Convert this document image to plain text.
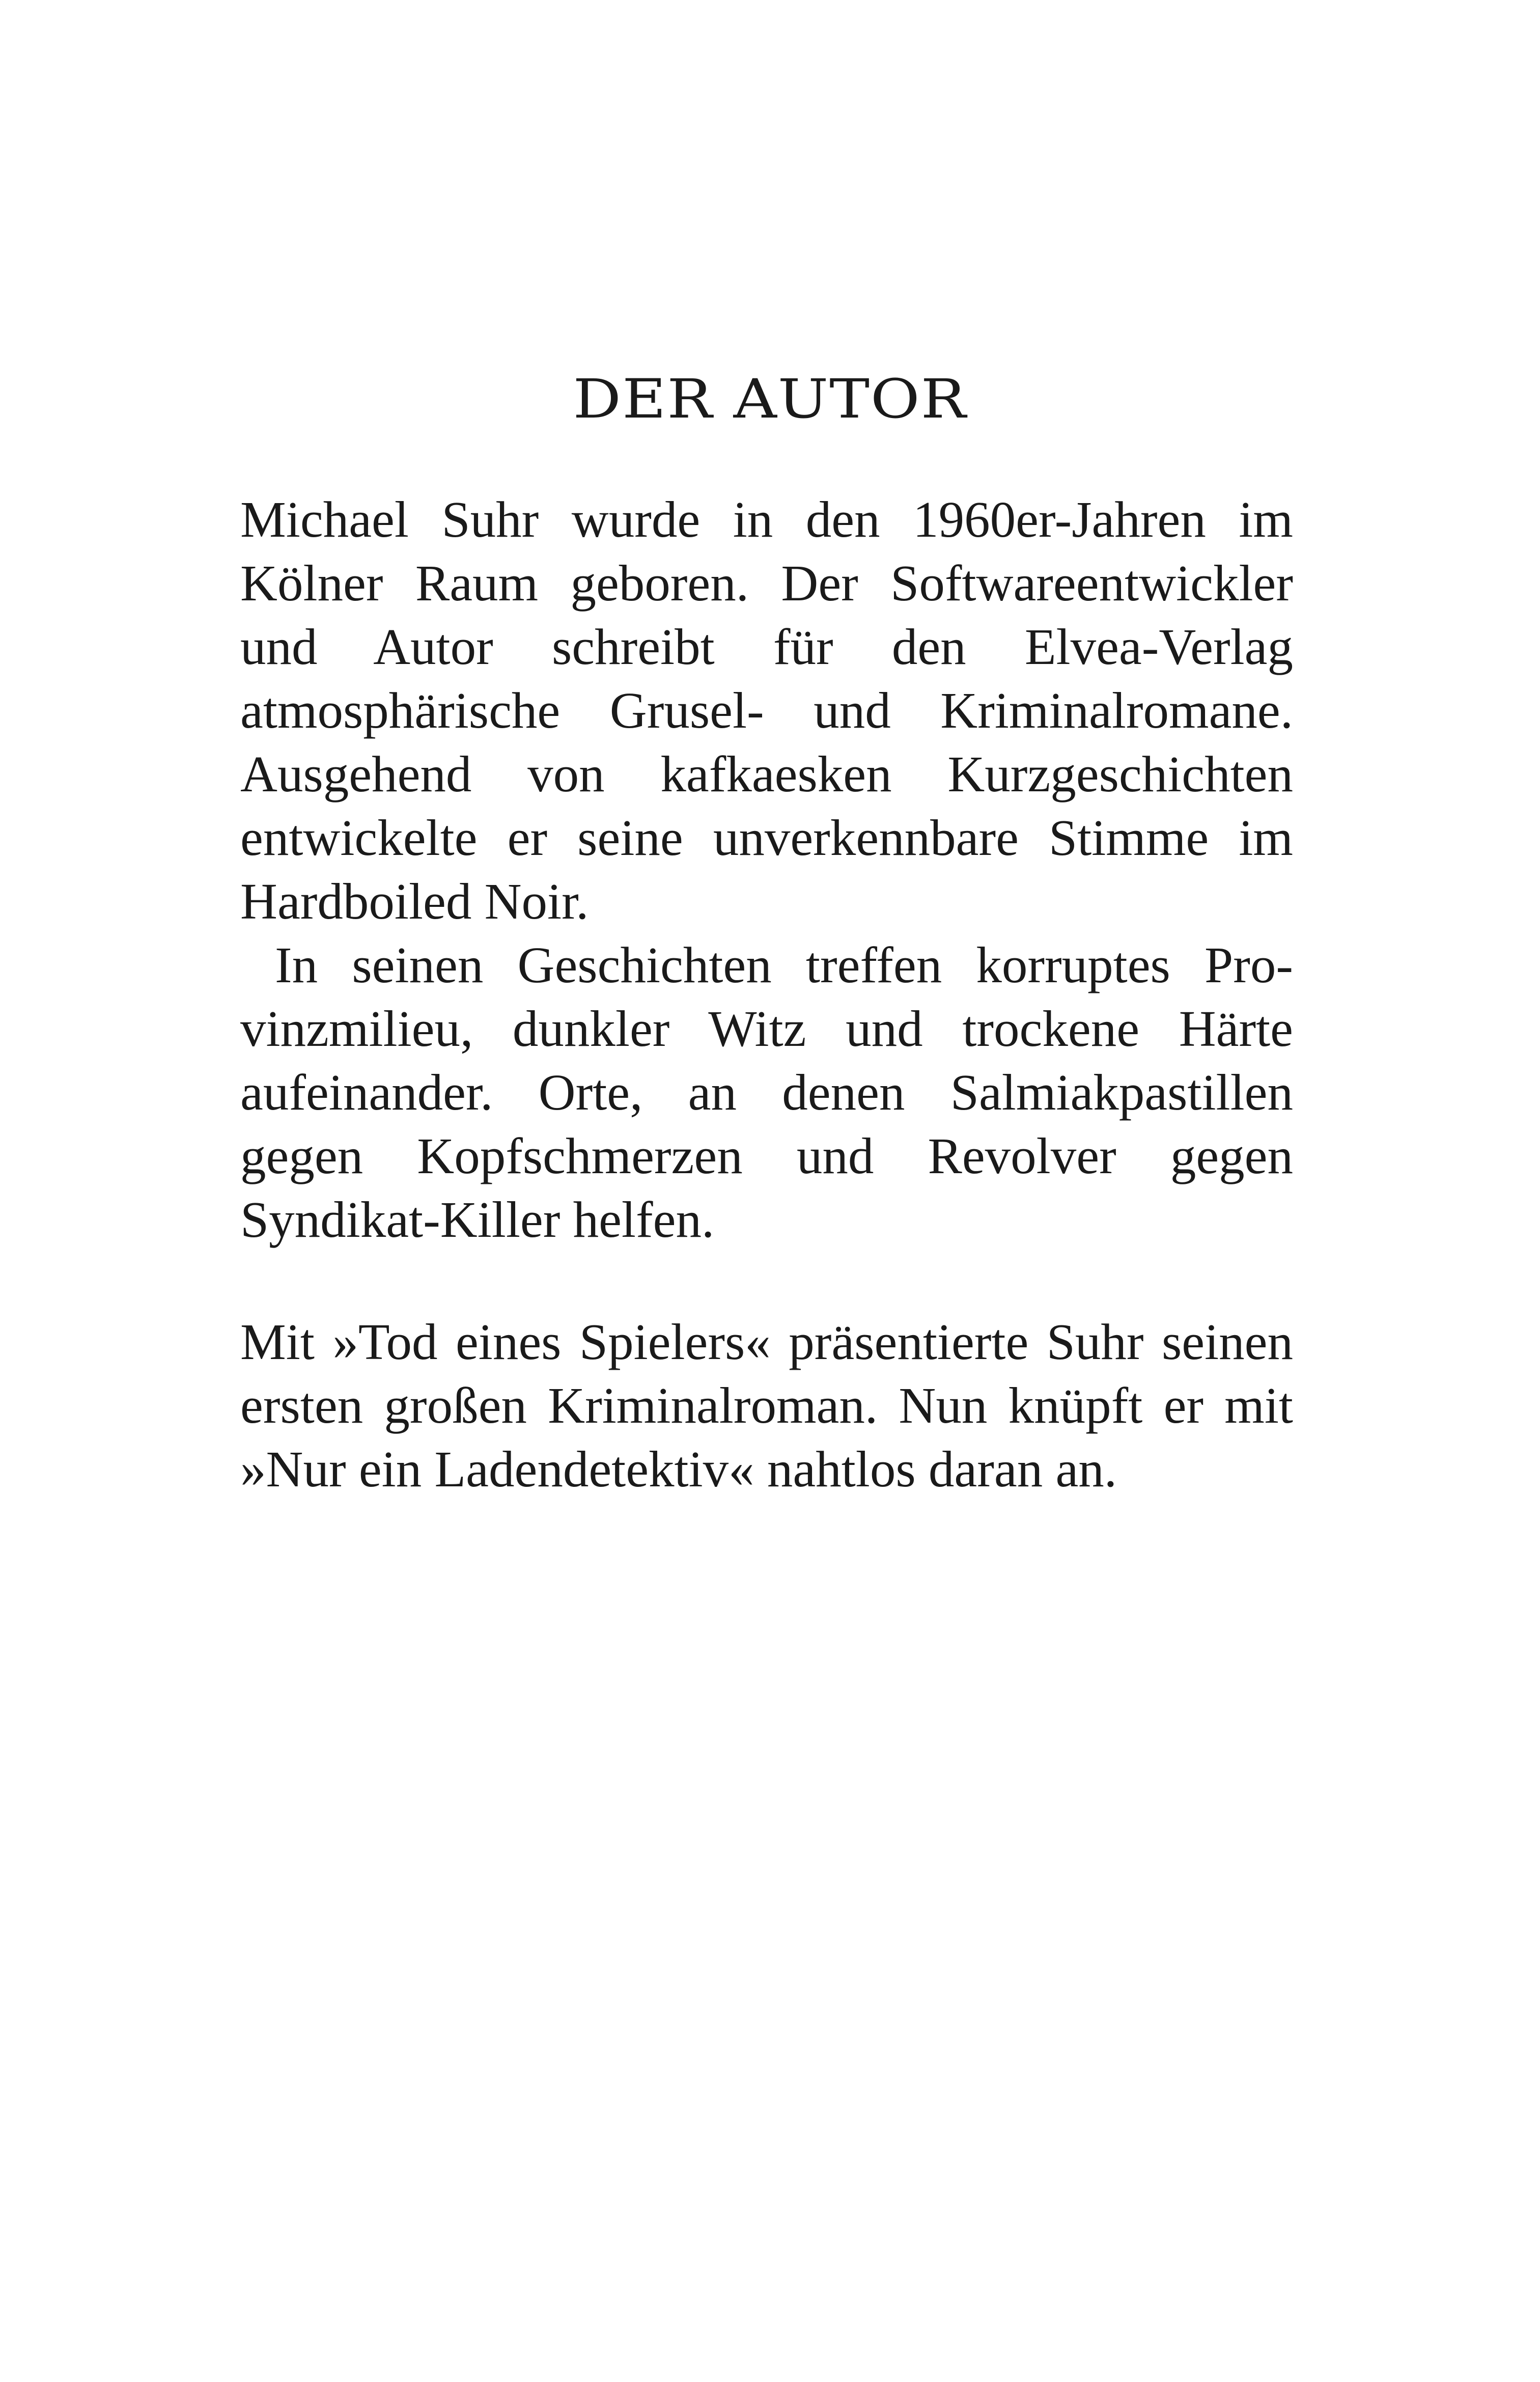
DER AUTOR

Michael Suhr wurde in den 1960er-Jahren im Kölner Raum geboren. Der Softwareentwickler und Autor schreibt für den Elvea-Verlag atmosphärische Grusel- und Kriminalromane. Ausgehend von kafkaesken Kurzgeschichten entwickelte er seine unverkennbare Stimme im Hardboiled Noir.

In seinen Geschichten treffen korruptes Provinzmilieu, dunkler Witz und trockene Härte aufeinander. Orte, an denen Salmiakpastillen gegen Kopfschmerzen und Revolver gegen Syndikat-Killer helfen.

Mit »Tod eines Spielers« präsentierte Suhr seinen ersten großen Kriminalroman. Nun knüpft er mit »Nur ein Ladendetektiv« nahtlos daran an.
